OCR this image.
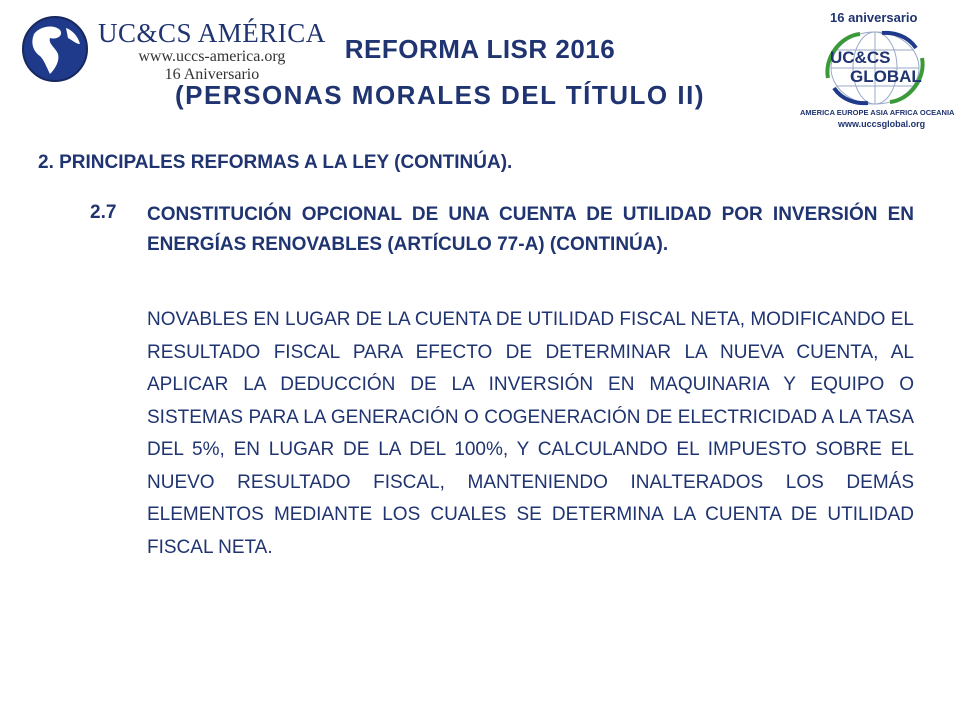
UC&CS AMÉRICA
www.uccs-america.org
16 Aniversario
16 aniversario
UC&CS
GLOBAL
AMERICA EUROPE ASIA AFRICA OCEANIA
www.uccsglobal.org
REFORMA LISR 2016
(PERSONAS MORALES DEL TÍTULO II)
2. PRINCIPALES REFORMAS A LA LEY (CONTINÚA).
2.7 CONSTITUCIÓN OPCIONAL DE UNA CUENTA DE UTILIDAD POR INVERSIÓN EN ENERGÍAS RENOVABLES (ARTÍCULO 77-A) (CONTINÚA).
NOVABLES EN LUGAR DE LA CUENTA DE UTILIDAD FISCAL NETA, MODIFICANDO EL RESULTADO FISCAL PARA EFECTO DE DETERMINAR LA NUEVA CUENTA, AL APLICAR LA DEDUCCIÓN DE LA INVERSIÓN EN MAQUINARIA Y EQUIPO O SISTEMAS PARA LA GENERACIÓN O COGENERACIÓN DE ELECTRICIDAD A LA TASA DEL 5%, EN LUGAR DE LA DEL 100%, Y CALCULANDO EL IMPUESTO SOBRE EL NUEVO RESULTADO FISCAL, MANTENIENDO INALTERADOS LOS DEMÁS ELEMENTOS MEDIANTE LOS CUALES SE DETERMINA LA CUENTA DE UTILIDAD FISCAL NETA.
